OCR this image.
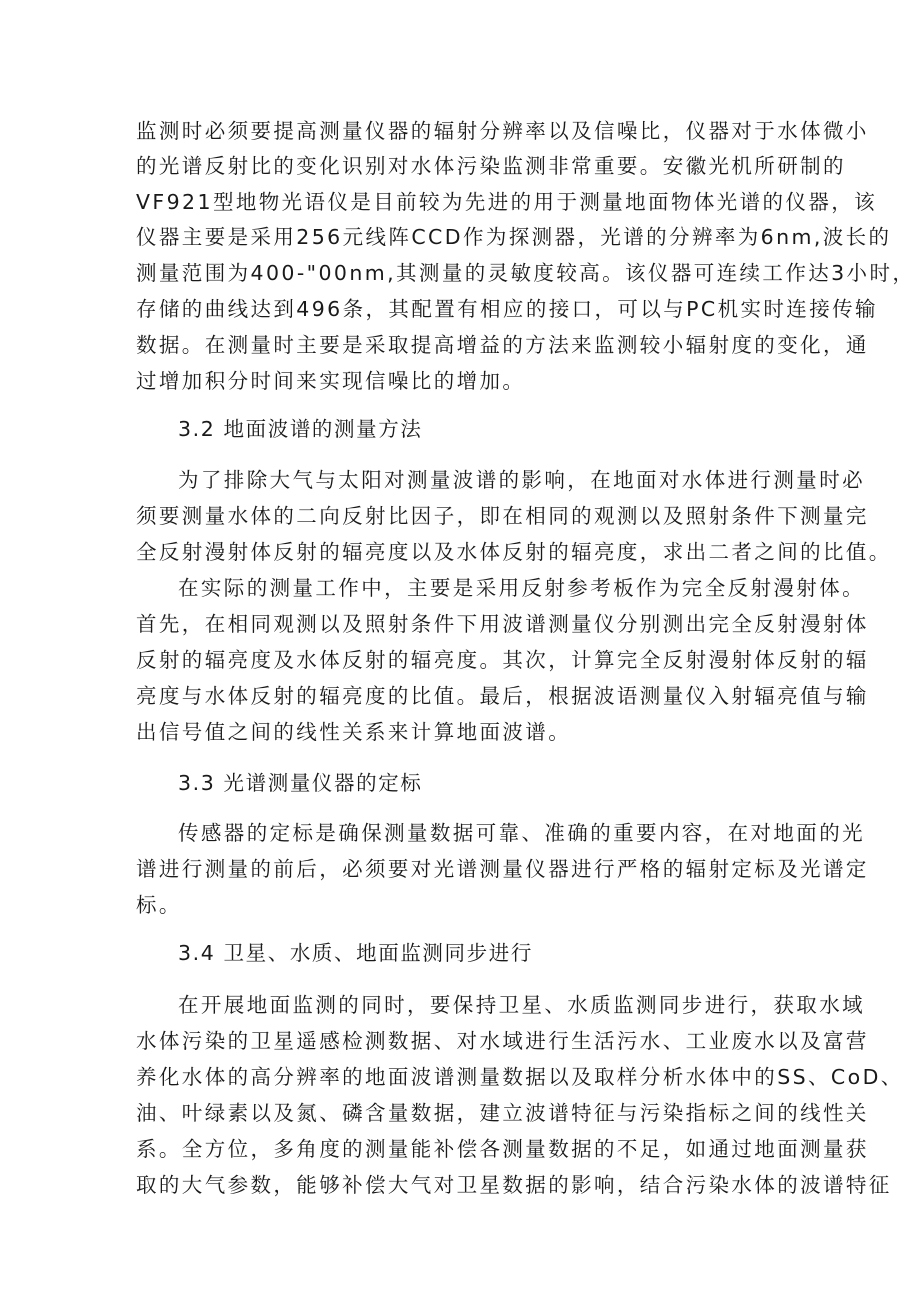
监测时必须要提高测量仪器的辐射分辨率以及信噪比，仪器对于水体微小
的光谱反射比的变化识别对水体污染监测非常重要。安徽光机所研制的
VF921型地物光语仪是目前较为先进的用于测量地面物体光谱的仪器，该
仪器主要是采用256元线阵CCD作为探测器，光谱的分辨率为6nm,波长的
测量范围为400-"00nm,其测量的灵敏度较高。该仪器可连续工作达3小时，
存储的曲线达到496条，其配置有相应的接口，可以与PC机实时连接传输
数据。在测量时主要是采取提高增益的方法来监测较小辐射度的变化，通
过增加积分时间来实现信噪比的增加。
3.2 地面波谱的测量方法
为了排除大气与太阳对测量波谱的影响，在地面对水体进行测量时必
须要测量水体的二向反射比因子，即在相同的观测以及照射条件下测量完
全反射漫射体反射的辐亮度以及水体反射的辐亮度，求出二者之间的比值。
在实际的测量工作中，主要是采用反射参考板作为完全反射漫射体。
首先，在相同观测以及照射条件下用波谱测量仪分别测出完全反射漫射体
反射的辐亮度及水体反射的辐亮度。其次，计算完全反射漫射体反射的辐
亮度与水体反射的辐亮度的比值。最后，根据波语测量仪入射辐亮值与输
出信号值之间的线性关系来计算地面波谱。
3.3 光谱测量仪器的定标
传感器的定标是确保测量数据可靠、准确的重要内容，在对地面的光
谱进行测量的前后，必须要对光谱测量仪器进行严格的辐射定标及光谱定
标。
3.4 卫星、水质、地面监测同步进行
在开展地面监测的同时，要保持卫星、水质监测同步进行，获取水域
水体污染的卫星遥感检测数据、对水域进行生活污水、工业废水以及富营
养化水体的高分辨率的地面波谱测量数据以及取样分析水体中的SS、CoD、
油、叶绿素以及氮、磷含量数据，建立波谱特征与污染指标之间的线性关
系。全方位，多角度的测量能补偿各测量数据的不足，如通过地面测量获
取的大气参数，能够补偿大气对卫星数据的影响，结合污染水体的波谱特征
